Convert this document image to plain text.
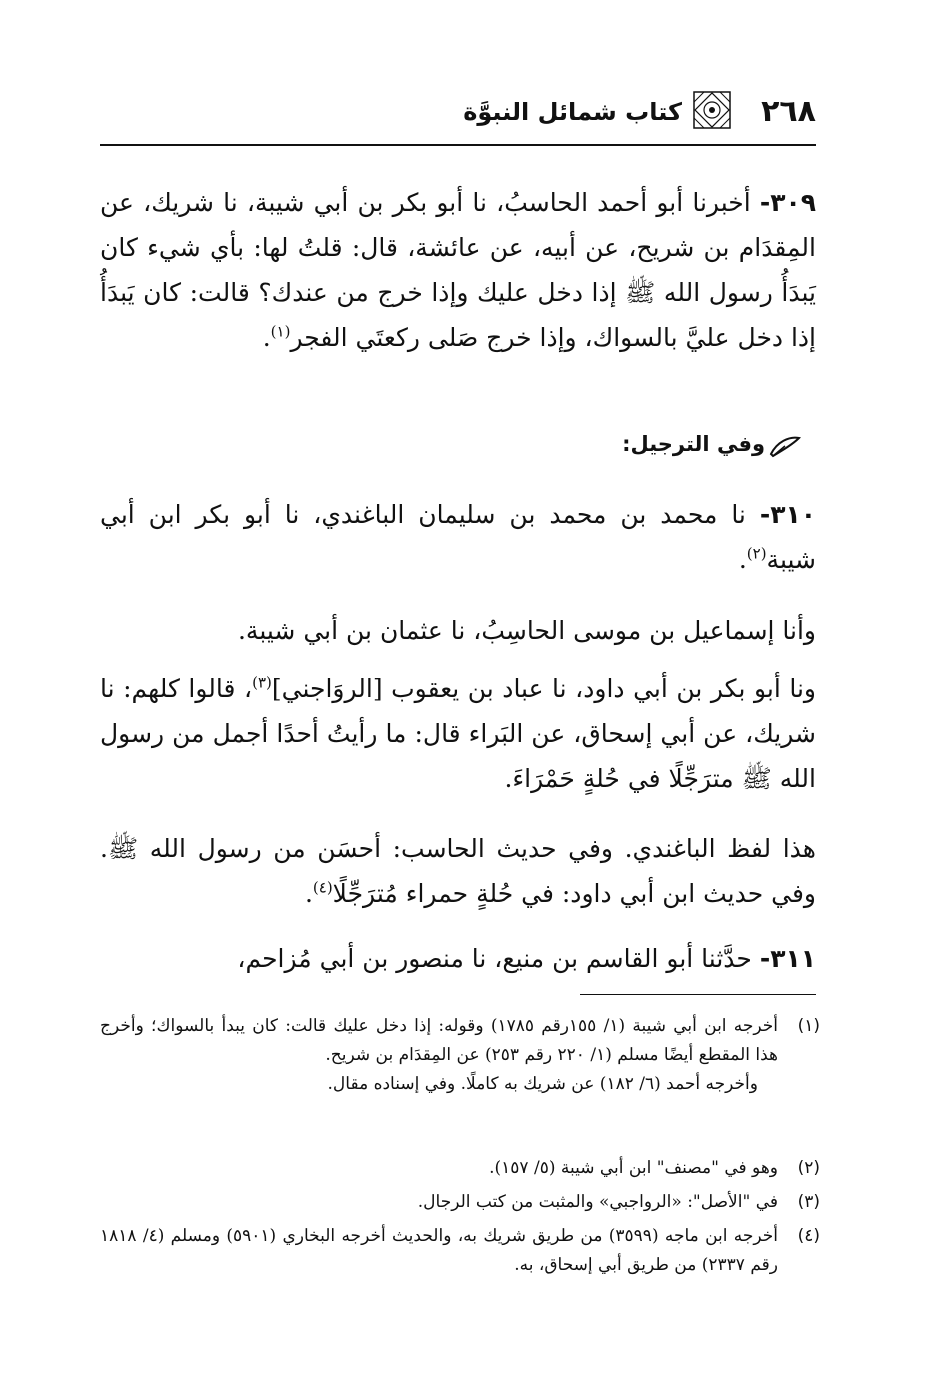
٢٦٨
كتاب شمائل النبوَّة
٣٠٩- أخبرنا أبو أحمد الحاسبُ، نا أبو بكر بن أبي شيبة، نا شريك، عن المِقدَام بن شريح، عن أبيه، عن عائشة، قال: قلتُ لها: بأي شيء كان يَبدَأُ رسول الله ﷺ إذا دخل عليك وإذا خرج من عندك؟ قالت: كان يَبدَأُ إذا دخل عليَّ بالسواك، وإذا خرج صَلى ركعتَي الفجر$^{(١)}$.
وفي الترجيل:
٣١٠- نا محمد بن محمد بن سليمان الباغندي، نا أبو بكر ابن أبي شيبة$^{(٢)}$.
وأنا إسماعيل بن موسى الحاسِبُ، نا عثمان بن أبي شيبة.
ونا أبو بكر بن أبي داود، نا عباد بن يعقوب [الروَاجني]$^{(٣)}$، قالوا كلهم: نا شريك، عن أبي إسحاق، عن البَراء قال: ما رأيتُ أحدًا أجمل من رسول الله ﷺ مترَجِّلًا في حُلةٍ حَمْرَاءَ.
هذا لفظ الباغندي. وفي حديث الحاسب: أحسَن من رسول الله ﷺ. وفي حديث ابن أبي داود: في حُلةٍ حمراء مُترَجِّلًا$^{(٤)}$.
٣١١- حدَّثنا أبو القاسم بن منيع، نا منصور بن أبي مُزاحم،
(١)
أخرجه ابن أبي شيبة (١/ ١٥٥رقم ١٧٨٥) وقوله: إذا دخل عليك قالت: كان يبدأ بالسواك؛ وأخرج هذا المقطع أيضًا مسلم (١/ ٢٢٠ رقم ٢٥٣) عن المِقدَام بن شريح.
وأخرجه أحمد (٦/ ١٨٢) عن شريك به كاملًا. وفي إسناده مقال.
(٢)
وهو في "مصنف" ابن أبي شيبة (٥/ ١٥٧).
(٣)
في "الأصل": «الرواجبي» والمثبت من كتب الرجال.
(٤)
أخرجه ابن ماجه (٣٥٩٩) من طريق شريك به، والحديث أخرجه البخاري (٥٩٠١) ومسلم (٤/ ١٨١٨ رقم ٢٣٣٧) من طريق أبي إسحاق، به.
